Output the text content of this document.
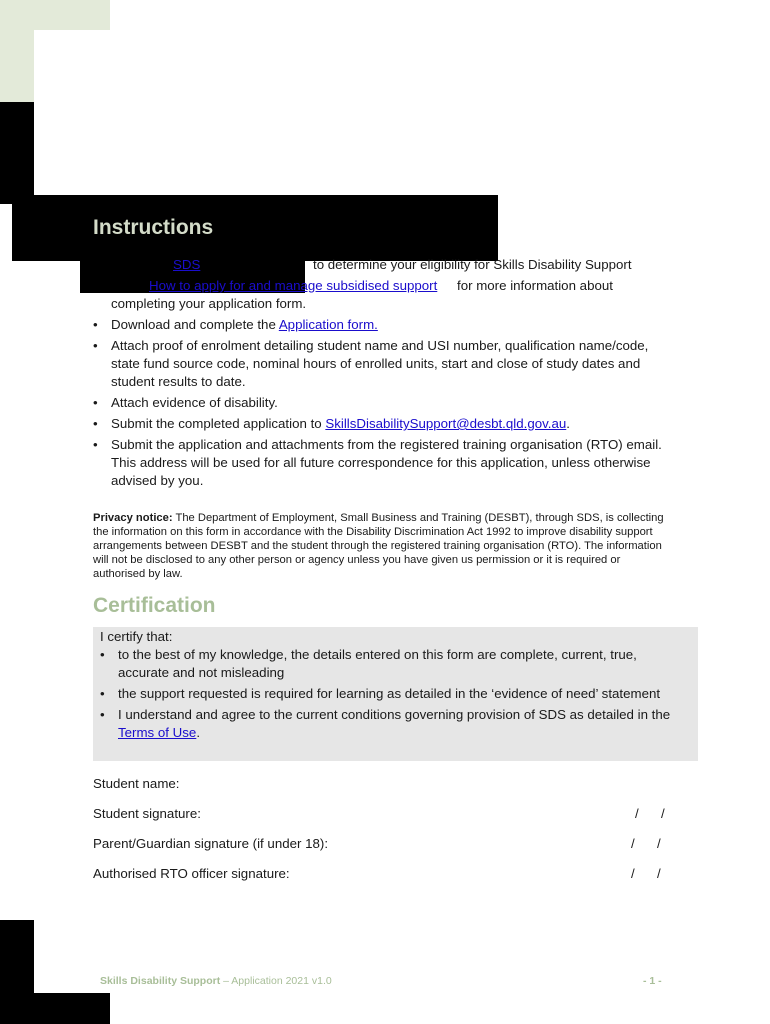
Instructions
SDS	to determine your eligibility for Skills Disability Support
How to apply for and manage subsidised support for more information about
completing your application form.
• Download and complete the Application form.
• Attach proof of enrolment detailing student name and USI number, qualification name/code, state fund source code, nominal hours of enrolled units, start and close of study dates and student results to date.
• Attach evidence of disability.
• Submit the completed application to SkillsDisabilitySupport@desbt.qld.gov.au.
• Submit the application and attachments from the registered training organisation (RTO) email. This address will be used for all future correspondence for this application, unless otherwise advised by you.

Privacy notice: The Department of Employment, Small Business and Training (DESBT), through SDS, is collecting the information on this form in accordance with the Disability Discrimination Act 1992 to improve disability support arrangements between DESBT and the student through the registered training organisation (RTO). The information will not be disclosed to any other person or agency unless you have given us permission or it is required or authorised by law.

Certification
I certify that:
• to the best of my knowledge, the details entered on this form are complete, current, true, accurate and not misleading
• the support requested is required for learning as detailed in the ‘evidence of need’ statement
• I understand and agree to the current conditions governing provision of SDS as detailed in the Terms of Use.
Student name:
Student signature:
Parent/Guardian signature (if under 18):
Authorised RTO officer signature:
/ /
/ /
/ /
Skills Disability Support – Application 2021 v1.0	- 1 -
